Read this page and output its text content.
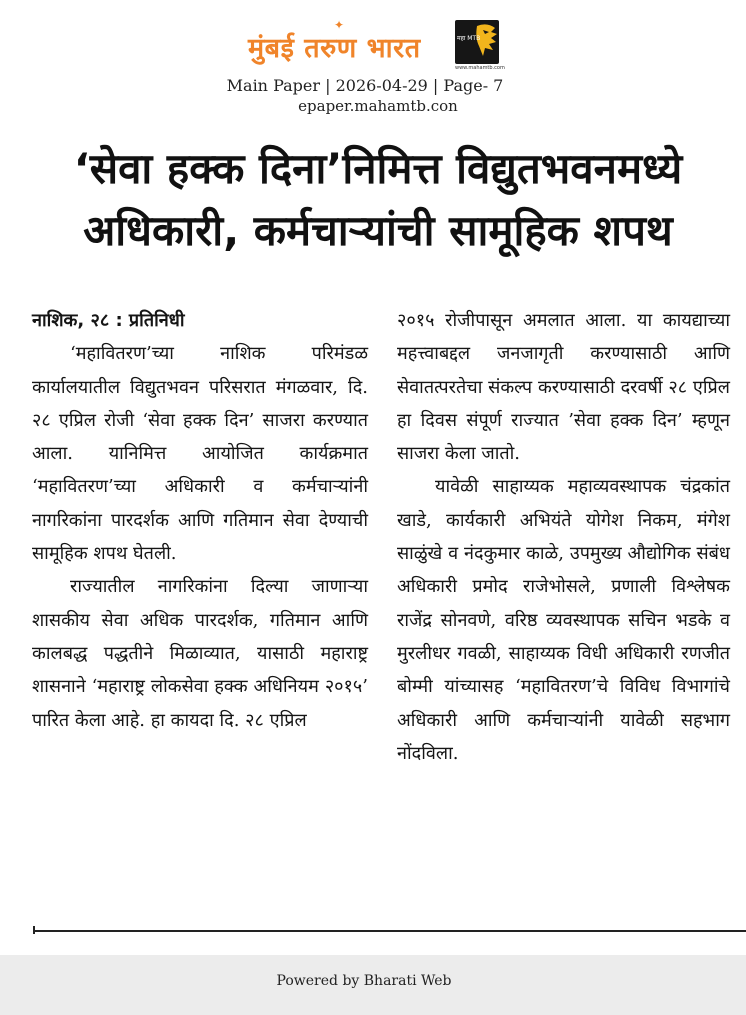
✦
मुंबई तरुण भारत	महा MTB
www.mahamtb.com
Main Paper | 2026-04-29 | Page- 7
epaper.mahamtb.con
‘सेवा हक्क दिना’निमित्त विद्युतभवनमध्ये अधिकारी, कर्मचाऱ्यांची सामूहिक शपथ
नाशिक, २८ : प्रतिनिधी

‘महावितरण’च्या नाशिक परिमंडळ कार्यालयातील विद्युतभवन परिसरात मंगळवार, दि. २८ एप्रिल रोजी ‘सेवा हक्क दिन’ साजरा करण्यात आला. यानिमित्त आयोजित कार्यक्रमात ‘महावितरण’च्या अधिकारी व कर्मचाऱ्यांनी नागरिकांना पारदर्शक आणि गतिमान सेवा देण्याची सामूहिक शपथ घेतली.

राज्यातील नागरिकांना दिल्या जाणाऱ्या शासकीय सेवा अधिक पारदर्शक, गतिमान आणि कालबद्ध पद्धतीने मिळाव्यात, यासाठी महाराष्ट्र शासनाने ‘महाराष्ट्र लोकसेवा हक्क अधिनियम २०१५’ पारित केला आहे. हा कायदा दि. २८ एप्रिल

२०१५ रोजीपासून अमलात आला. या कायद्याच्या महत्त्वाबद्दल जनजागृती करण्यासाठी आणि सेवातत्परतेचा संकल्प करण्यासाठी दरवर्षी २८ एप्रिल हा दिवस संपूर्ण राज्यात ’सेवा हक्क दिन’ म्हणून साजरा केला जातो.

यावेळी साहाय्यक महाव्यवस्थापक चंद्रकांत खाडे, कार्यकारी अभियंते योगेश निकम, मंगेश साळुंखे व नंदकुमार काळे, उपमुख्य औद्योगिक संबंध अधिकारी प्रमोद राजेभोसले, प्रणाली विश्लेषक राजेंद्र सोनवणे, वरिष्ठ व्यवस्थापक सचिन भडके व मुरलीधर गवळी, साहाय्यक विधी अधिकारी रणजीत बोम्मी यांच्यासह ‘महावितरण’चे विविध विभागांचे अधिकारी आणि कर्मचाऱ्यांनी यावेळी सहभाग नोंदविला.

Powered by Bharati Web
